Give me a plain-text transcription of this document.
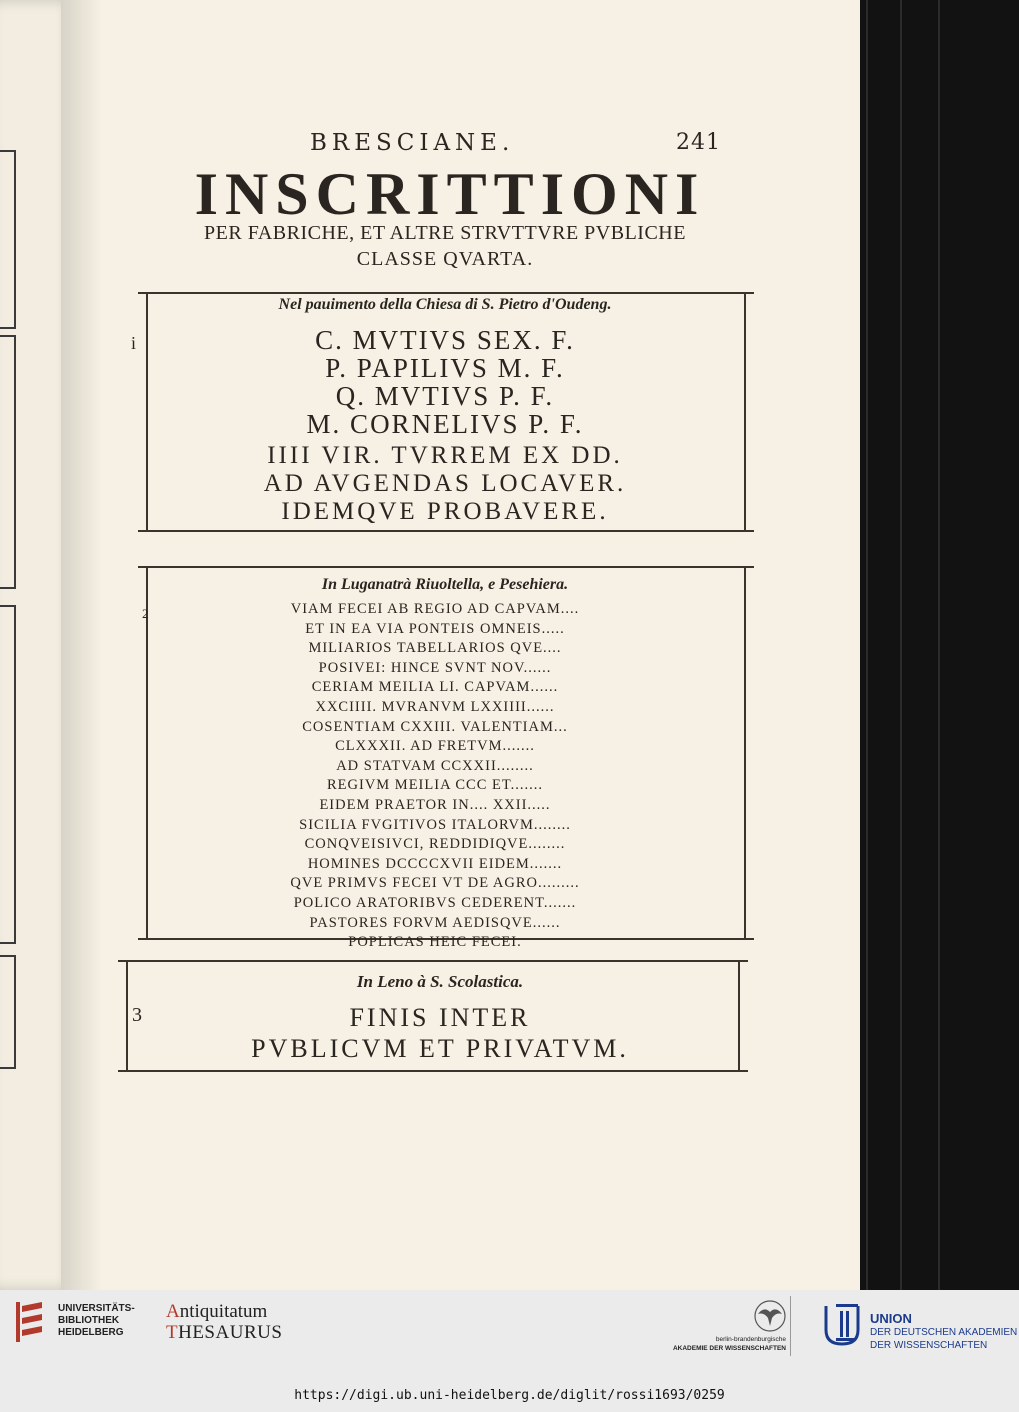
BRESCIANE.	241
INSCRITTIONI
PER FABRICHE, ET ALTRE STRVTTVRE PVBLICHE
CLASSE QVARTA.
Nel pauimento della Chiesa di S. Pietro d'Oudeng.
i	C. MVTIVS SEX. F.
P. PAPILIVS M. F.
Q. MVTIVS P. F.
M. CORNELIVS P. F.
IIII VIR. TVRREM EX DD.
AD AVGENDAS LOCAVER.
IDEMQVE PROBAVERE.
In Luganatrà Riuoltella, e Pesehiera.
2	VIAM FECEI AB REGIO AD CAPVAM....
ET IN EA VIA PONTEIS OMNEIS.....
MILIARIOS TABELLARIOS QVE....
POSIVEI: HINCE SVNT NOV......
CERIAM MEILIA LI. CAPVAM......
XXCIIII. MVRANVM LXXIIII......
COSENTIAM CXXIII. VALENTIAM...
CLXXXII. AD FRETVM.......
AD STATVAM CCXXII........
REGIVM MEILIA CCC ET.......
EIDEM PRAETOR IN.... XXII.....
SICILIA FVGITIVOS ITALORVM........
CONQVEISIVCI, REDDIDIQVE........
HOMINES DCCCCXVII EIDEM.......
QVE PRIMVS FECEI VT DE AGRO.........
POLICO ARATORIBVS CEDERENT.......
PASTORES FORVM AEDISQVE......
POPLICAS HEIC FECEI.
In Leno à S. Scolastica.
3	FINIS INTER
PVBLICVM ET PRIVATVM.
UNIVERSITÄTS-
BIBLIOTHEK
HEIDELBERG
Antiquitatum
THESAURUS	berlin-brandenburgische
AKADEMIE DER WISSENSCHAFTEN
UNION
DER DEUTSCHEN AKADEMIEN
DER WISSENSCHAFTEN
https://digi.ub.uni-heidelberg.de/diglit/rossi1693/0259
